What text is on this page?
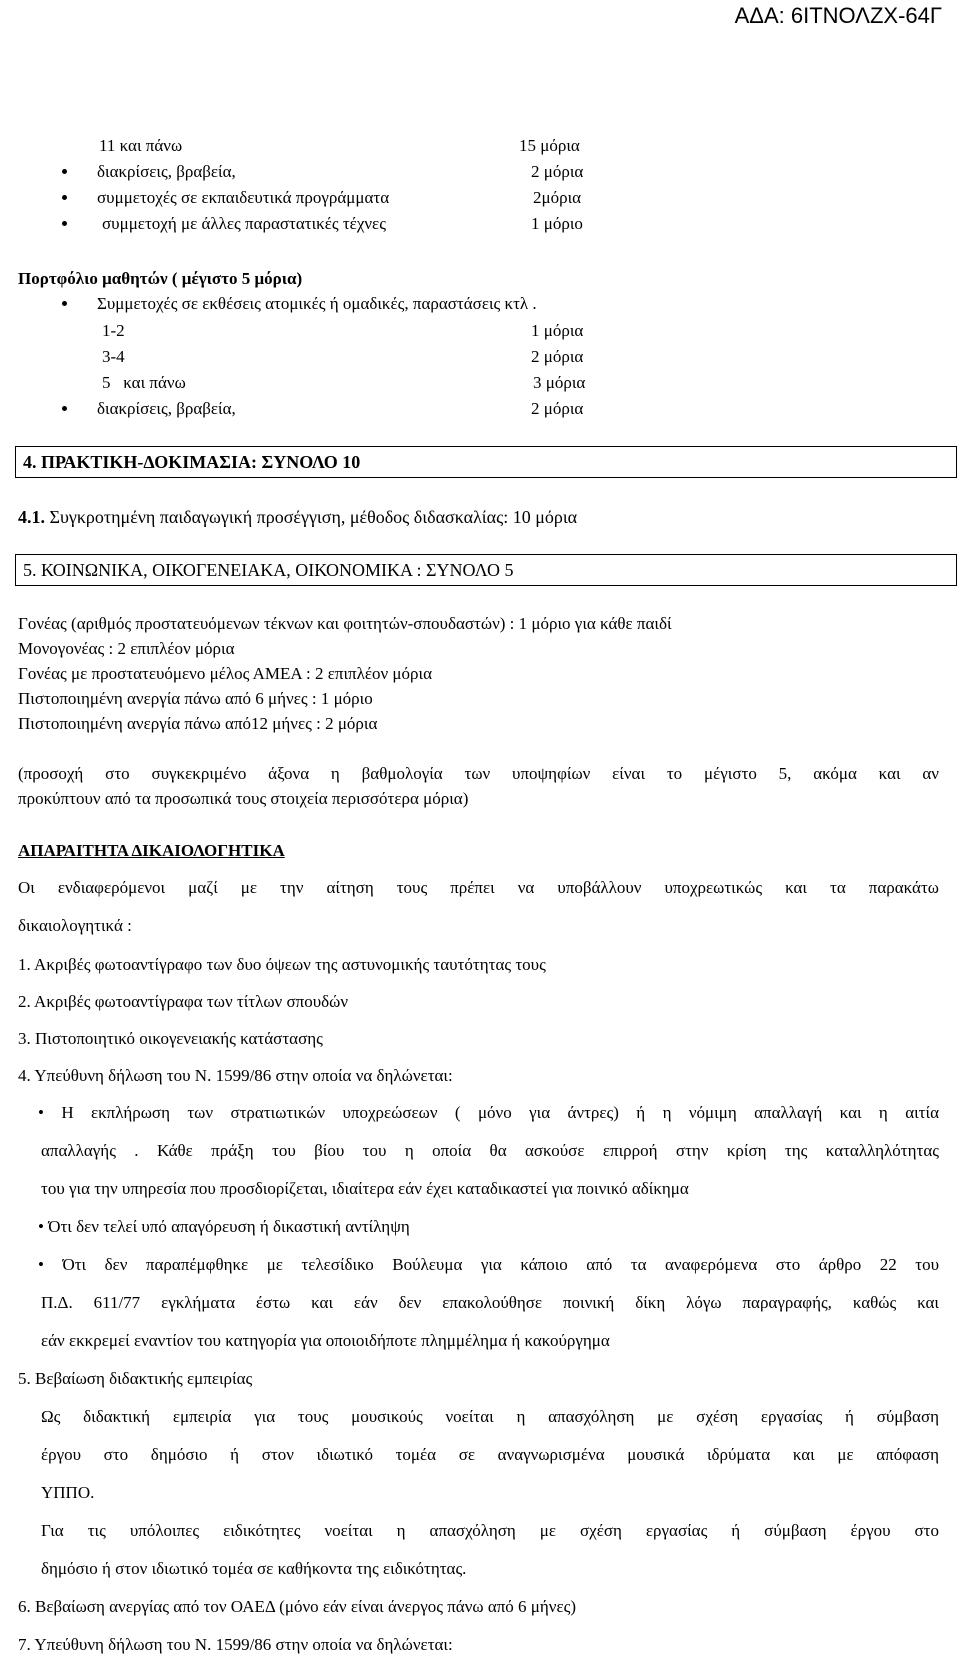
ΑΔΑ: 6ΙΤΝΟΛΖΧ-64Γ
11 και πάνω	15 μόρια
διακρίσεις, βραβεία,	2 μόρια
συμμετοχές σε εκπαιδευτικά προγράμματα	2μόρια
συμμετοχή με άλλες παραστατικές τέχνες	1 μόριο
Πορτφόλιο μαθητών ( μέγιστο 5 μόρια)
Συμμετοχές σε εκθέσεις ατομικές ή ομαδικές, παραστάσεις κτλ .
1-2	1 μόρια
3-4	2 μόρια
5   και πάνω	3 μόρια
διακρίσεις, βραβεία,	2 μόρια
4. ΠΡΑΚΤΙΚΗ-ΔΟΚΙΜΑΣΙΑ: ΣΥΝΟΛΟ 10
4.1. Συγκροτημένη παιδαγωγική προσέγγιση, μέθοδος διδασκαλίας: 10 μόρια
5. ΚΟΙΝΩΝΙΚΑ, ΟΙΚΟΓΕΝΕΙΑΚΑ, ΟΙΚΟΝΟΜΙΚΑ : ΣΥΝΟΛΟ 5
Γονέας (αριθμός προστατευόμενων τέκνων και φοιτητών-σπουδαστών) : 1 μόριο για κάθε παιδί
Μονογονέας : 2 επιπλέον μόρια
Γονέας με προστατευόμενο μέλος ΑΜΕΑ : 2 επιπλέον μόρια
Πιστοποιημένη ανεργία πάνω από 6 μήνες : 1 μόριο
Πιστοποιημένη ανεργία πάνω από12 μήνες : 2 μόρια
(προσοχή στο συγκεκριμένο άξονα η βαθμολογία των υποψηφίων είναι το μέγιστο 5, ακόμα και αν
προκύπτουν από τα προσωπικά τους στοιχεία περισσότερα μόρια)
ΑΠΑΡΑΙΤΗΤΑ ΔΙΚΑΙΟΛΟΓΗΤΙΚΑ
Οι ενδιαφερόμενοι μαζί με την αίτηση τους πρέπει να υποβάλλουν υποχρεωτικώς και τα παρακάτω
δικαιολογητικά :
1. Ακριβές φωτοαντίγραφο των δυο όψεων της αστυνομικής ταυτότητας τους
2. Ακριβές φωτοαντίγραφα των τίτλων σπουδών
3. Πιστοποιητικό οικογενειακής κατάστασης
4. Υπεύθυνη δήλωση του Ν. 1599/86 στην οποία να δηλώνεται:
• Η εκπλήρωση των στρατιωτικών υποχρεώσεων ( μόνο για άντρες) ή η νόμιμη απαλλαγή και η αιτία
απαλλαγής . Κάθε πράξη του βίου του η οποία θα ασκούσε επιρροή στην κρίση της καταλληλότητας
του για την υπηρεσία που προσδιορίζεται, ιδιαίτερα εάν έχει καταδικαστεί για ποινικό αδίκημα
• Ότι δεν τελεί υπό απαγόρευση ή δικαστική αντίληψη
• Ότι δεν παραπέμφθηκε με τελεσίδικο Βούλευμα για κάποιο από τα αναφερόμενα στο άρθρο 22 του
Π.Δ. 611/77 εγκλήματα έστω και εάν δεν επακολούθησε ποινική δίκη λόγω παραγραφής, καθώς και
εάν εκκρεμεί εναντίον του κατηγορία για οποιοιδήποτε πλημμέλημα ή κακούργημα
5. Βεβαίωση διδακτικής εμπειρίας
Ως διδακτική εμπειρία για τους μουσικούς νοείται η απασχόληση με σχέση εργασίας ή σύμβαση
έργου στο δημόσιο ή στον ιδιωτικό τομέα σε αναγνωρισμένα μουσικά ιδρύματα και με απόφαση
ΥΠΠΟ.
Για τις υπόλοιπες ειδικότητες νοείται η απασχόληση με σχέση εργασίας ή σύμβαση έργου στο
δημόσιο ή στον ιδιωτικό τομέα σε καθήκοντα της ειδικότητας.
6. Βεβαίωση ανεργίας από τον ΟΑΕΔ (μόνο εάν είναι άνεργος πάνω από 6 μήνες)
7. Υπεύθυνη δήλωση του Ν. 1599/86 στην οποία να δηλώνεται:
